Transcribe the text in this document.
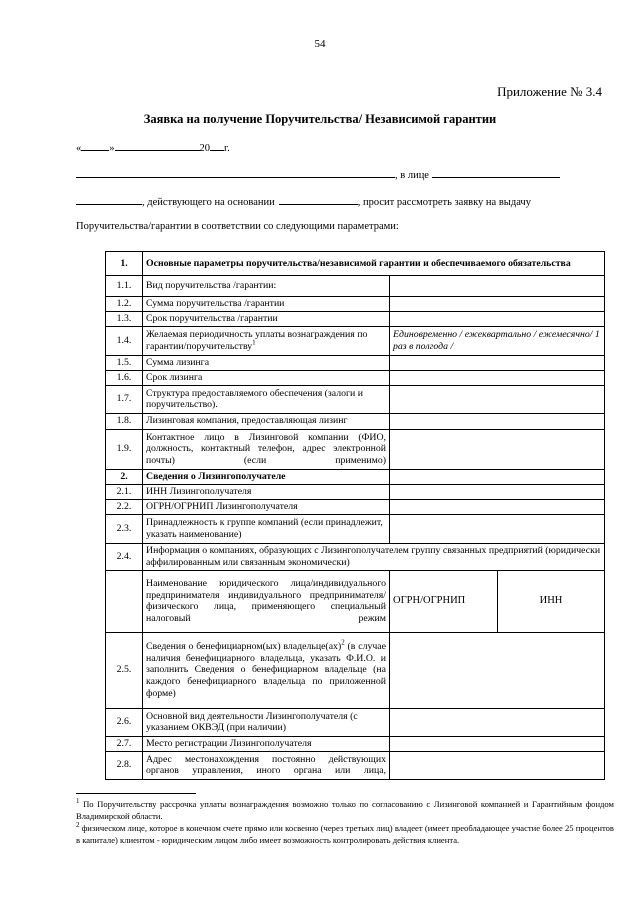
54
Приложение № 3.4
Заявка на получение Поручительства/ Независимой гарантии
«	»	20 г.
, в лице
, действующего на основании	, просит рассмотреть заявку на выдачу
Поручительства/гарантии в соответствии со следующими параметрами:
1.	Основные параметры поручительства/независимой гарантии и обеспечиваемого обязательства		
1.1.	Вид поручительства /гарантии:		
1.2.	Сумма поручительства /гарантии		
1.3.	Срок поручительства /гарантии		
1.4.	Желаемая периодичность уплаты вознаграждения по гарантии/поручительству$^1$	Единовременно / ежеквартально / ежемесячно/ 1 раз в полгода /	
1.5.	Сумма лизинга		
1.6.	Срок лизинга		
1.7.	Структура предоставляемого обеспечения (залоги и поручительство).		
1.8.	Лизинговая компания, предоставляющая лизинг		
1.9.	Контактное лицо в Лизинговой компании (ФИО, должность, контактный телефон, адрес электронной почты) (если применимо)		
2.	Сведения о Лизингополучателе		
2.1.	ИНН Лизингополучателя		
2.2.	ОГРН/ОГРНИП Лизингополучателя		
2.3.	Принадлежность к группе компаний (если принадлежит, указать наименование)		
2.4.	Информация о компаниях, образующих с Лизингополучателем группу связанных предприятий (юридически аффилированным или связанным экономически)		
	Наименование юридического лица/индивидуального предпринимателя индивидуального предпринимателя/физического лица, применяющего специальный налоговый режим	ОГРН/ОГРНИП	ИНН
2.5.	Сведения о бенефициарном(ых) владельце(ах)$^2$ (в случае наличия бенефициарного владельца, указать Ф.И.О. и заполнить Сведения о бенефициарном владельце (на каждого бенефициарного владельца по приложенной форме)		
2.6.	Основной вид деятельности Лизингополучателя (с указанием ОКВЭД (при наличии)		
2.7.	Место регистрации Лизингополучателя		
2.8.	Адрес местонахождения постоянно действующих органов управления, иного органа или лица,		
$^1$ По Поручительству рассрочка уплаты вознаграждения возможно только по согласованию с Лизинговой компанией и Гарантийным фондом Владимирской области.
$^2$ физическом лице, которое в конечном счете прямо или косвенно (через третьих лиц) владеет (имеет преобладающее участие более 25 процентов в капитале) клиентом - юридическим лицом либо имеет возможность контролировать действия клиента.
